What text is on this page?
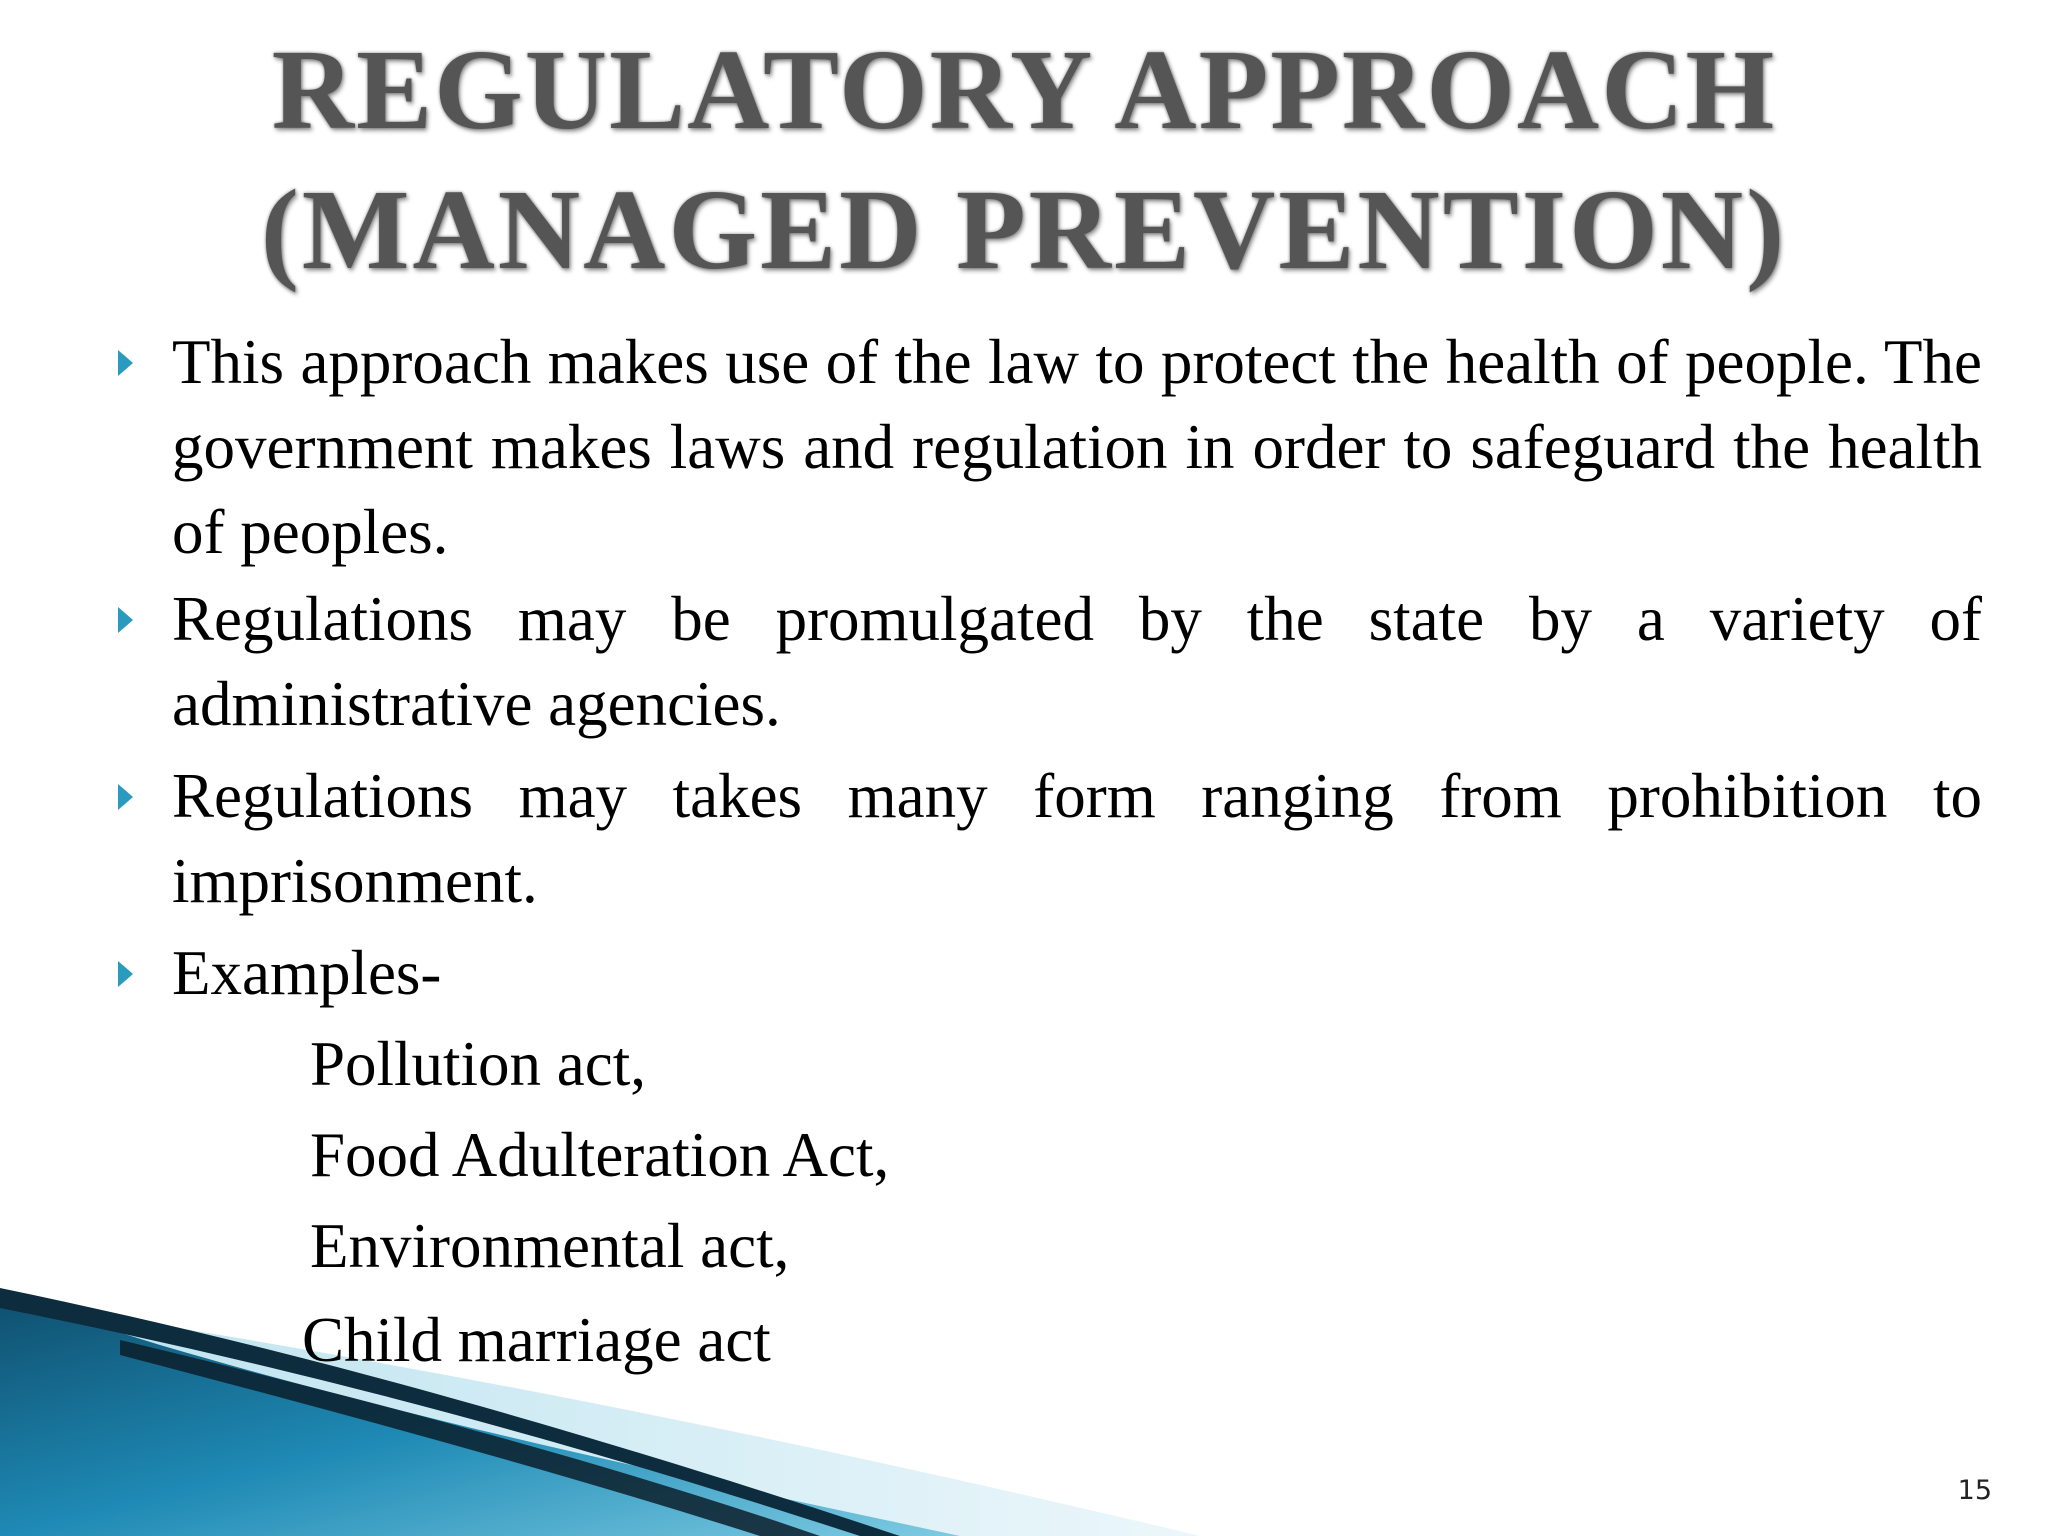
REGULATORY APPROACH
(MANAGED PREVENTION)
This approach makes use of the law to protect the health of people. The government makes laws and regulation in order to safeguard the health of peoples.
Regulations may be promulgated by the state by a variety of administrative agencies.
Regulations may takes many form ranging from prohibition to imprisonment.
Examples-
Pollution act,
Food Adulteration Act,
Environmental act,
Child marriage act
15
